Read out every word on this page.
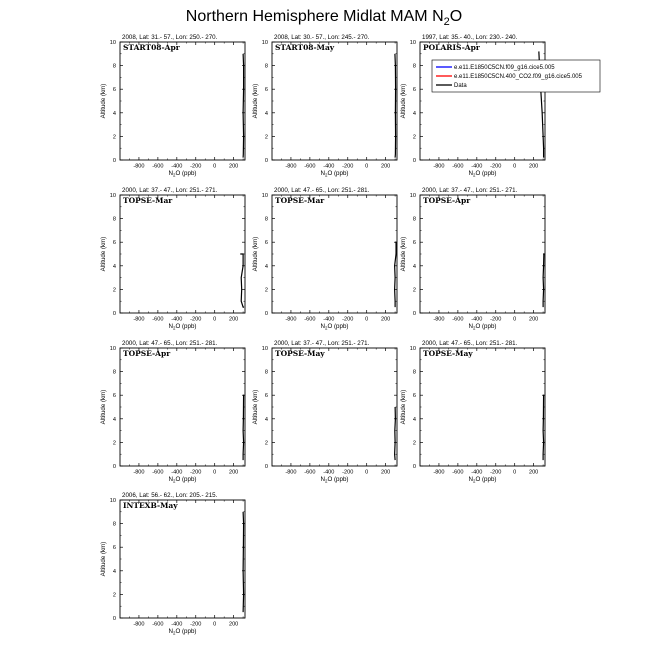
Northern Hemisphere Midlat MAM $N_2O$
2008, Lat: 31.- 57., Lon: 250.- 270.
START08-Apr
0
2
4
6
8
10
-800 -600 -400 -200 0 200
$N_2O$ (ppb)
Altitude (km)
2008, Lat: 30.- 57., Lon: 245.- 270.
START08-May
0
2
4
6
8
10
-800 -600 -400 -200 0 200
$N_2O$ (ppb)
Altitude (km)
1997, Lat: 35.- 40., Lon: 230.- 240.
POLARIS-Apr
0
2
4
6
8
10
-800 -600 -400 -200 0 200
$N_2O$ (ppb)
Altitude (km)
2000, Lat: 37.- 47., Lon: 251.- 271.
TOPSE-Mar
0
2
4
6
8
10
-800 -600 -400 -200 0 200
$N_2O$ (ppb)
Altitude (km)
2000, Lat: 47.- 65., Lon: 251.- 281.
TOPSE-Mar
0
2
4
6
8
10
-800 -600 -400 -200 0 200
$N_2O$ (ppb)
Altitude (km)
2000, Lat: 37.- 47., Lon: 251.- 271.
TOPSE-Apr
0
2
4
6
8
10
-800 -600 -400 -200 0 200
$N_2O$ (ppb)
Altitude (km)
2000, Lat: 47.- 65., Lon: 251.- 281.
TOPSE-Apr
0
2
4
6
8
10
-800 -600 -400 -200 0 200
$N_2O$ (ppb)
Altitude (km)
2000, Lat: 37.- 47., Lon: 251.- 271.
TOPSE-May
0
2
4
6
8
10
-800 -600 -400 -200 0 200
$N_2O$ (ppb)
Altitude (km)
2000, Lat: 47.- 65., Lon: 251.- 281.
TOPSE-May
0
2
4
6
8
10
-800 -600 -400 -200 0 200
$N_2O$ (ppb)
Altitude (km)
2006, Lat: 56.- 62., Lon: 205.- 215.
INTEXB-May
0
2
4
6
8
10
-800 -600 -400 -200 0 200
$N_2O$ (ppb)
Altitude (km)
e.e11.E1850C5CN.f09_g16.cice5.005
e.e11.E1850C5CN.400_CO2.f09_g16.cice5.005
Data
